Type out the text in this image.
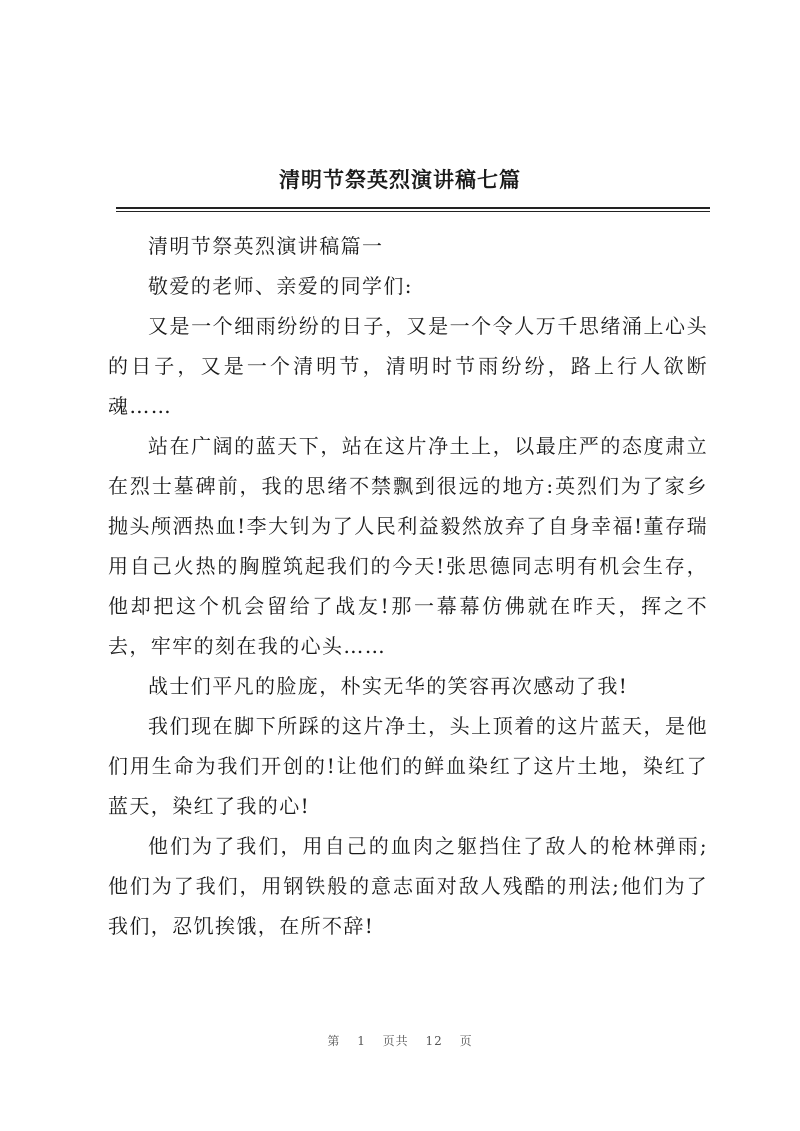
清明节祭英烈演讲稿七篇

清明节祭英烈演讲稿篇一

敬爱的老师、亲爱的同学们:

又是一个细雨纷纷的日子，又是一个令人万千思绪涌上心头的日子，又是一个清明节，清明时节雨纷纷，路上行人欲断魂……

站在广阔的蓝天下，站在这片净土上，以最庄严的态度肃立在烈士墓碑前，我的思绪不禁飘到很远的地方:英烈们为了家乡抛头颅洒热血!李大钊为了人民利益毅然放弃了自身幸福!董存瑞用自己火热的胸膛筑起我们的今天!张思德同志明有机会生存，他却把这个机会留给了战友!那一幕幕仿佛就在昨天，挥之不去，牢牢的刻在我的心头……

战士们平凡的脸庞，朴实无华的笑容再次感动了我!

我们现在脚下所踩的这片净土，头上顶着的这片蓝天，是他们用生命为我们开创的!让他们的鲜血染红了这片土地，染红了蓝天，染红了我的心!

他们为了我们，用自己的血肉之躯挡住了敌人的枪林弹雨;他们为了我们，用钢铁般的意志面对敌人残酷的刑法;他们为了我们，忍饥挨饿，在所不辞!

第 1 页共 12 页
